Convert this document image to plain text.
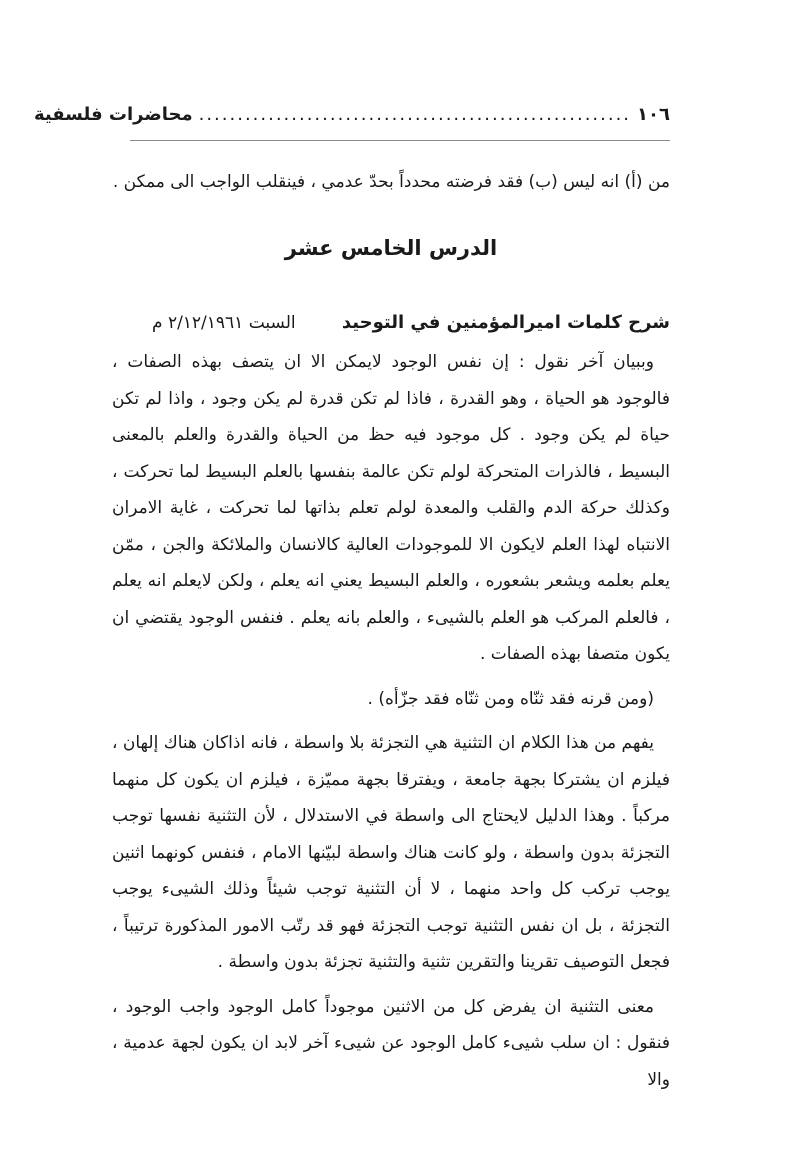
١٠٦
........................................................
محاضرات فلسفية
من (أ) انه ليس (ب) فقد فرضته محدداً بحدّ عدمي ، فينقلب الواجب الى ممكن .
الدرس الخامس عشر
شرح كلمات اميرالمؤمنين في التوحيد
السبت ٢/١٢/١٩٦١ م

وببيان آخر نقول : إن نفس الوجود لايمكن الا ان يتصف بهذه الصفات ، فالوجود هو الحياة ، وهو القدرة ، فاذا لم تكن قدرة لم يكن وجود ، واذا لم تكن حياة لم يكن وجود . كل موجود فيه حظ من الحياة والقدرة والعلم بالمعنى البسيط ، فالذرات المتحركة لولم تكن عالمة بنفسها بالعلم البسيط لما تحركت ، وكذلك حركة الدم والقلب والمعدة لولم تعلم بذاتها لما تحركت ، غاية الامران الانتباه لهذا العلم لايكون الا للموجودات العالية كالانسان والملائكة والجن ، ممّن يعلم بعلمه ويشعر بشعوره ، والعلم البسيط يعني انه يعلم ، ولكن لايعلم انه يعلم ، فالعلم المركب هو العلم بالشيىء ، والعلم بانه يعلم . فنفس الوجود يقتضي ان يكون متصفا بهذه الصفات .

(ومن قرنه فقد ثنّاه ومن ثنّاه فقد جزّأه) .

يفهم من هذا الكلام ان التثنية هي التجزئة بلا واسطة ، فانه اذاكان هناك إلهان ، فيلزم ان يشتركا بجهة جامعة ، ويفترقا بجهة مميّزة ، فيلزم ان يكون كل منهما مركباً . وهذا الدليل لايحتاج الى واسطة في الاستدلال ، لأن التثنية نفسها توجب التجزئة بدون واسطة ، ولو كانت هناك واسطة لبيّنها الامام ، فنفس كونهما اثنين يوجب تركب كل واحد منهما ، لا أن التثنية توجب شيئاً وذلك الشيىء يوجب التجزئة ، بل ان نفس التثنية توجب التجزئة فهو قد رتّب الامور المذكورة ترتيباً ، فجعل التوصيف تقرينا والتقرين تثنية والتثنية تجزئة بدون واسطة .

معنى التثنية ان يفرض كل من الاثنين موجوداً كامل الوجود واجب الوجود ، فنقول : ان سلب شيىء كامل الوجود عن شيىء آخر لابد ان يكون لجهة عدمية ، والا
